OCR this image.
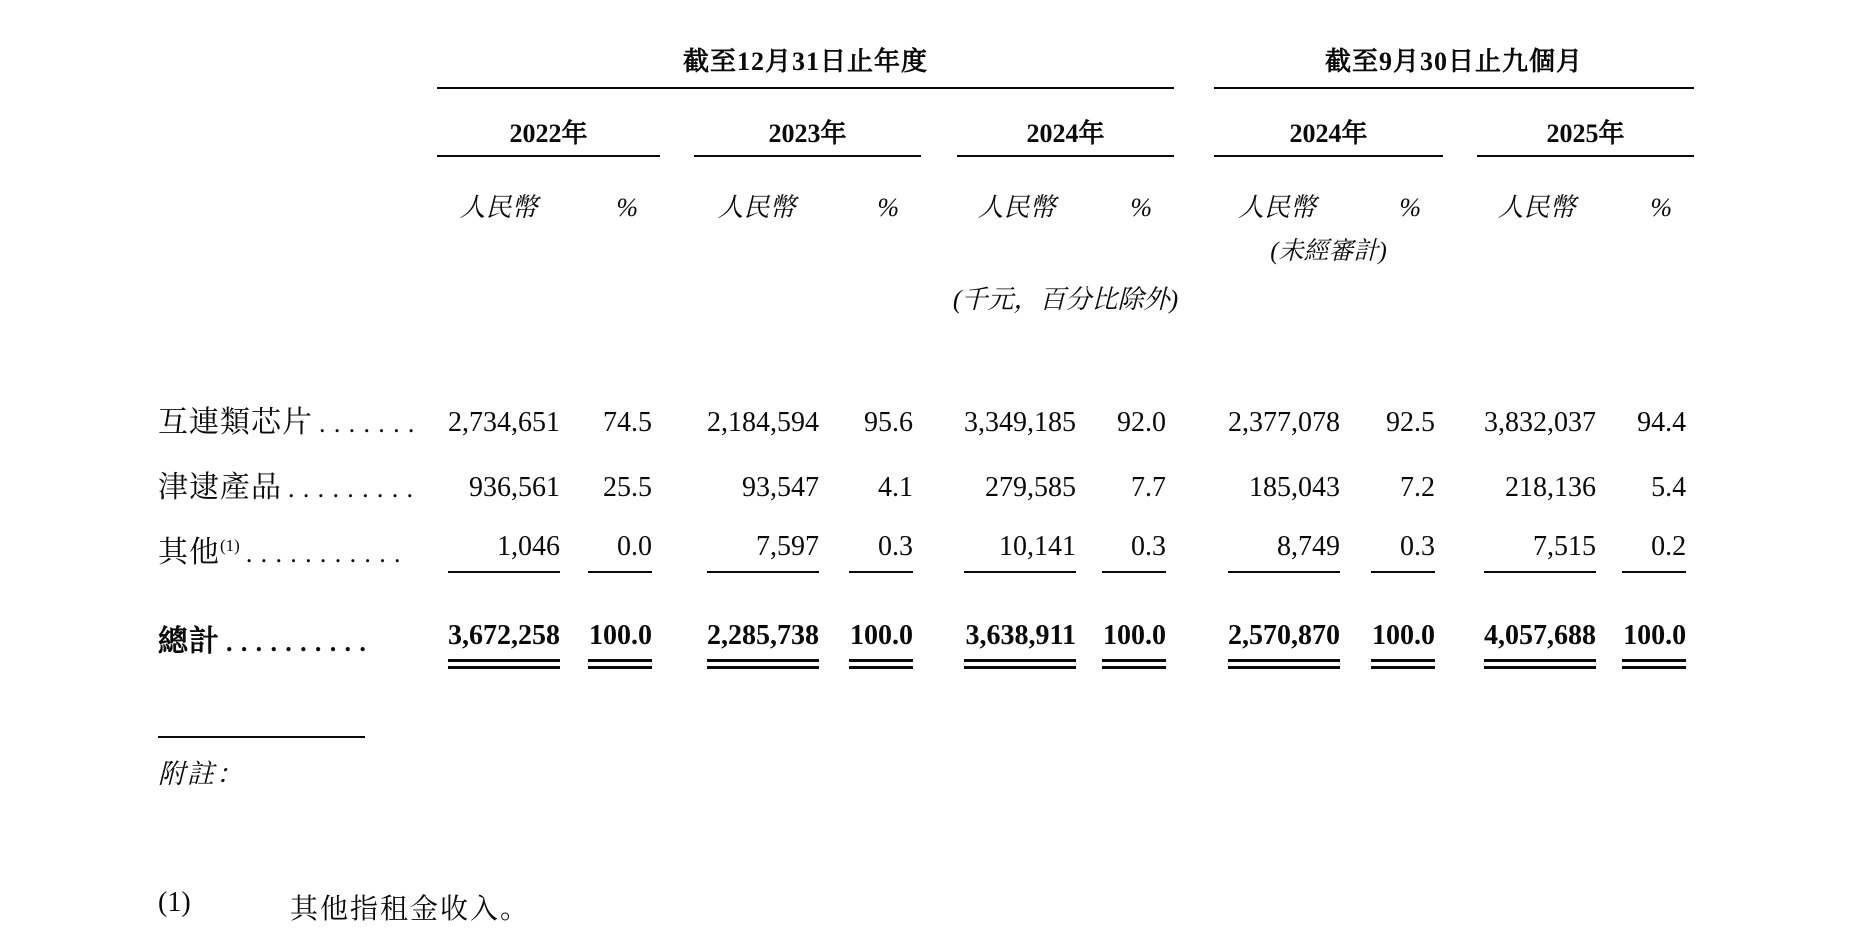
	截至12月31日止年度									截至9月30日止九個月				
	2022年			2023年			2024年			2024年			2025年	
	人民幣	%		人民幣	%		人民幣	%		人民幣	%		人民幣	%
										(未經審計)				
	(千元，百分比除外)													

互連類芯片 .......	2,734,651	74.5		2,184,594	95.6		3,349,185	92.0		2,377,078	92.5		3,832,037	94.4
津逮產品 .........	936,561	25.5		93,547	4.1		279,585	7.7		185,043	7.2		218,136	5.4
其他$^{(1)}$ ...........	1,046	0.0		7,597	0.3		10,141	0.3		8,749	0.3		7,515	0.2
總計 ..........	3,672,258	100.0		2,285,738	100.0		3,638,911	100.0		2,570,870	100.0		4,057,688	100.0
附註：
(1)	其他指租金收入。
